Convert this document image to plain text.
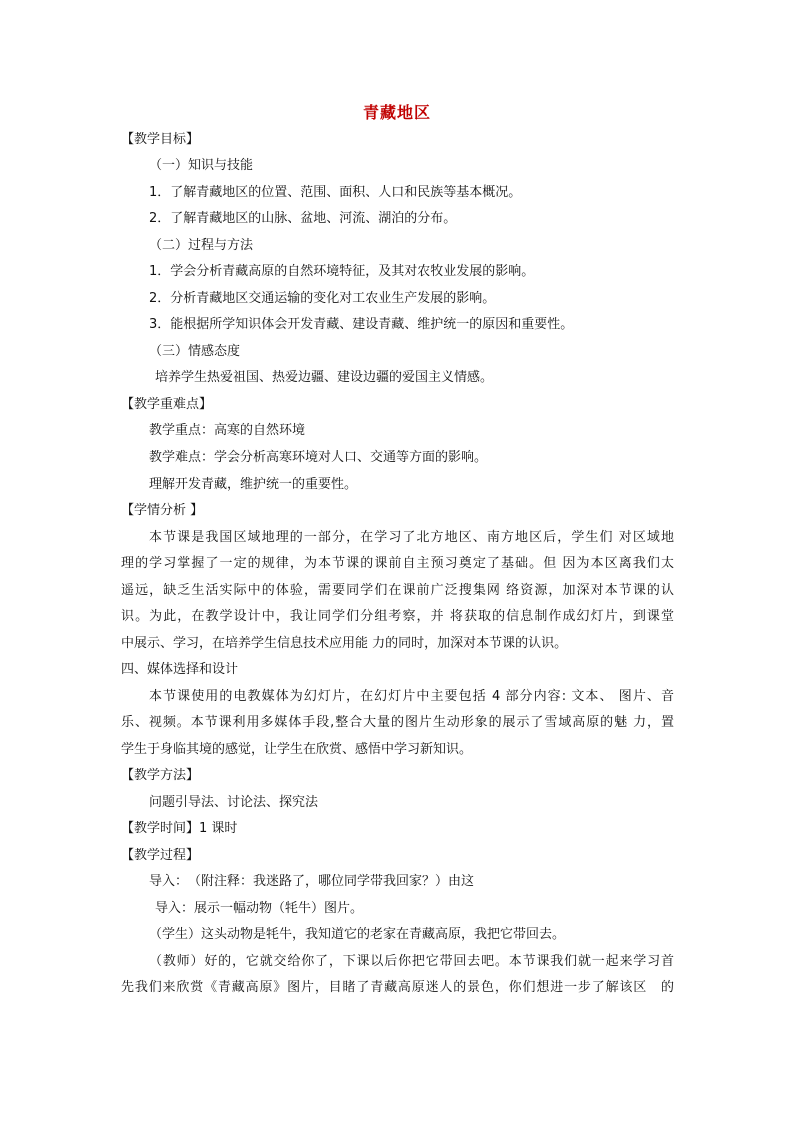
青藏地区
【教学目标】
（一）知识与技能
1．了解青藏地区的位置、范围、面积、人口和民族等基本概况。
2．了解青藏地区的山脉、盆地、河流、湖泊的分布。
（二）过程与方法
1．学会分析青藏高原的自然环境特征，及其对农牧业发展的影响。
2．分析青藏地区交通运输的变化对工农业生产发展的影响。
3．能根据所学知识体会开发青藏、建设青藏、维护统一的原因和重要性。
（三）情感态度
培养学生热爱祖国、热爱边疆、建设边疆的爱国主义情感。
【教学重难点】
教学重点：高寒的自然环境
教学难点：学会分析高寒环境对人口、交通等方面的影响。
理解开发青藏，维护统一的重要性。
【学情分析 】
本节课是我国区域地理的一部分，在学习了北方地区、南方地区后，学生们 对区域地
理的学习掌握了一定的规律，为本节课的课前自主预习奠定了基础。但 因为本区离我们太
遥远，缺乏生活实际中的体验，需要同学们在课前广泛搜集网 络资源，加深对本节课的认
识。为此，在教学设计中，我让同学们分组考察，并 将获取的信息制作成幻灯片，到课堂
中展示、学习，在培养学生信息技术应用能 力的同时，加深对本节课的认识。
四、媒体选择和设计
本节课使用的电教媒体为幻灯片，在幻灯片中主要包括 4 部分内容: 文本、 图片、音
乐、视频。本节课利用多媒体手段,整合大量的图片生动形象的展示了雪域高原的魅 力，置
学生于身临其境的感觉，让学生在欣赏、感悟中学习新知识。
【教学方法】
问题引导法、讨论法、探究法
【教学时间】1 课时
【教学过程】
导入：　（附注释：我迷路了，哪位同学带我回家？）由这
导入：展示一幅动物（牦牛）图片。
（学生）这头动物是牦牛，我知道它的老家在青藏高原，我把它带回去。
（教师）好的，它就交给你了，下课以后你把它带回去吧。本节课我们就一起来学习首
先我们来欣赏《青藏高原》图片，目睹了青藏高原迷人的景色，你们想进一步了解该区　的
